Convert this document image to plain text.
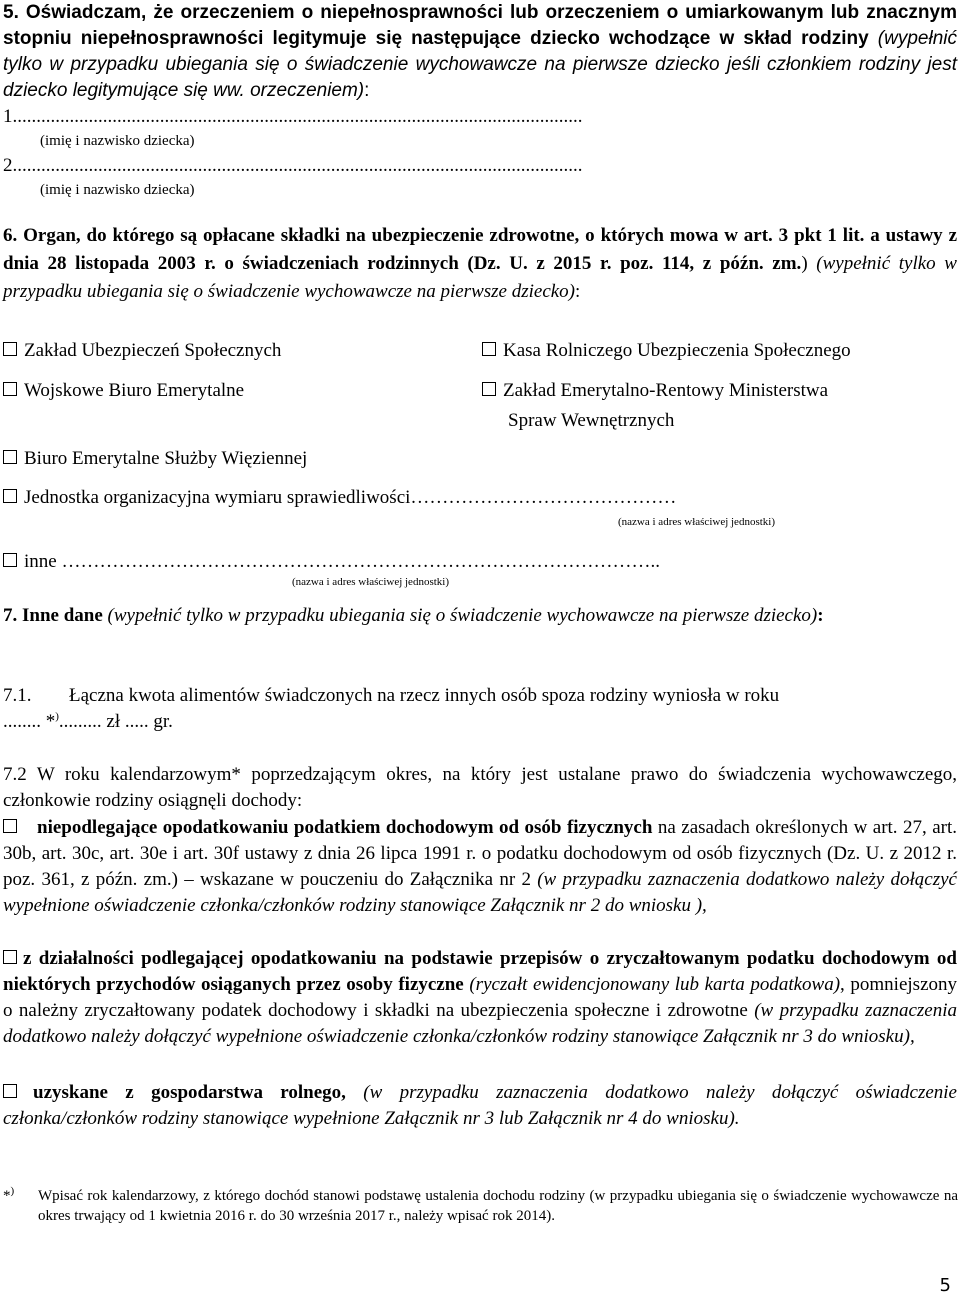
5. Oświadczam, że orzeczeniem o niepełnosprawności lub orzeczeniem o umiarkowanym lub znacznym stopniu niepełnosprawności legitymuje się następujące dziecko wchodzące w skład rodziny (wypełnić tylko w przypadku ubiegania się o świadczenie wychowawcze na pierwsze dziecko jeśli członkiem rodziny jest dziecko legitymujące się ww. orzeczeniem):

1........................................................................................................................
(imię i nazwisko dziecka)
2........................................................................................................................
(imię i nazwisko dziecka)

6. Organ, do którego są opłacane składki na ubezpieczenie zdrowotne, o których mowa w art. 3 pkt 1 lit. a ustawy z dnia 28 listopada 2003 r. o świadczeniach rodzinnych (Dz. U. z 2015 r. poz. 114, z późn. zm.) (wypełnić tylko w przypadku ubiegania się o świadczenie wychowawcze na pierwsze dziecko):

Zakład Ubezpieczeń Społecznych	Kasa Rolniczego Ubezpieczenia Społecznego
Wojskowe Biuro Emerytalne	Zakład Emerytalno-Rentowy Ministerstwa
Spraw Wewnętrznych
Biuro Emerytalne Służby Więziennej
Jednostka organizacyjna wymiaru sprawiedliwości……………………………………
(nazwa i adres właściwej jednostki)
inne …………………………………………………………………………………..
(nazwa i adres właściwej jednostki)

7. Inne dane (wypełnić tylko w przypadku ubiegania się o świadczenie wychowawcze na pierwsze dziecko):

7.1. Łączna kwota alimentów świadczonych na rzecz innych osób spoza rodziny wyniosła w roku
........ *)......... zł ..... gr.

7.2 W roku kalendarzowym* poprzedzającym okres, na który jest ustalane prawo do świadczenia wychowawczego, członkowie rodziny osiągnęli dochody:

niepodlegające opodatkowaniu podatkiem dochodowym od osób fizycznych na zasadach określonych w art. 27, art. 30b, art. 30c, art. 30e i art. 30f ustawy z dnia 26 lipca 1991 r. o podatku dochodowym od osób fizycznych (Dz. U. z 2012 r. poz. 361, z późn. zm.) – wskazane w pouczeniu do Załącznika nr 2 (w przypadku zaznaczenia dodatkowo należy dołączyć wypełnione oświadczenie członka/członków rodziny stanowiące Załącznik nr 2 do wniosku ),

z działalności podlegającej opodatkowaniu na podstawie przepisów o zryczałtowanym podatku dochodowym od niektórych przychodów osiąganych przez osoby fizyczne (ryczałt ewidencjonowany lub karta podatkowa), pomniejszony o należny zryczałtowany podatek dochodowy i składki na ubezpieczenia społeczne i zdrowotne (w przypadku zaznaczenia dodatkowo należy dołączyć wypełnione oświadczenie członka/członków rodziny stanowiące Załącznik nr 3 do wniosku),

uzyskane z gospodarstwa rolnego, (w przypadku zaznaczenia dodatkowo należy dołączyć oświadczenie członka/członków rodziny stanowiące wypełnione Załącznik nr 3 lub Załącznik nr 4 do wniosku).

*) Wpisać rok kalendarzowy, z którego dochód stanowi podstawę ustalenia dochodu rodziny (w przypadku ubiegania się o świadczenie wychowawcze na okres trwający od 1 kwietnia 2016 r. do 30 września 2017 r., należy wpisać rok 2014).

5
